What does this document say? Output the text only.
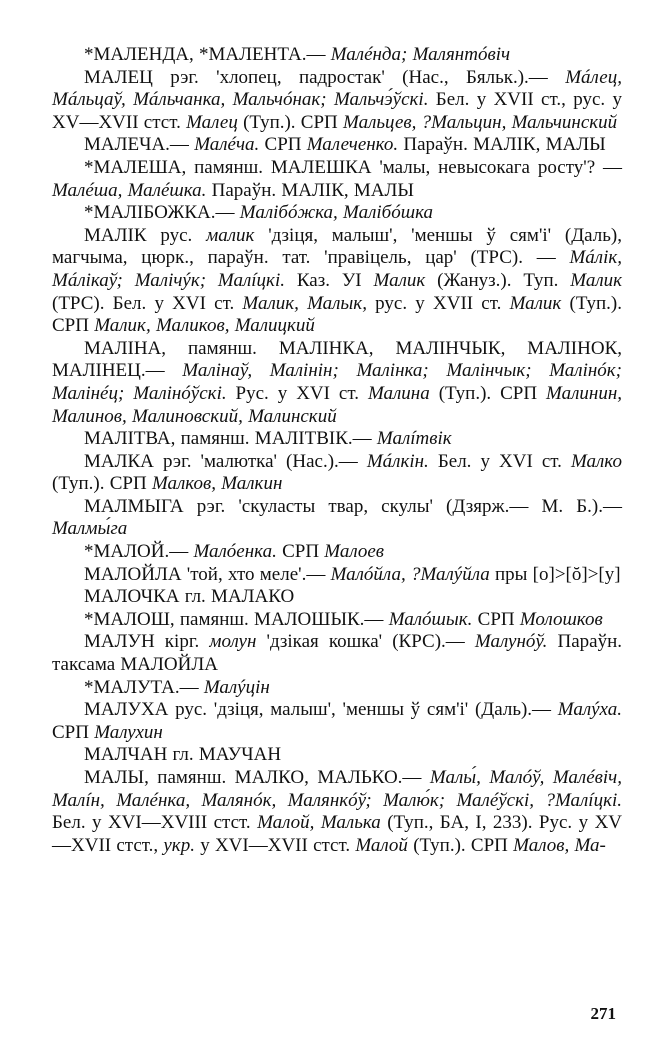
*МАЛЕНДА, *МАЛЕНТА.— Малéнда; Малянтóвіч

МАЛЕЦ рэг. 'хлопец, падростак' (Нас., Бяльк.).— Мáлец, Мáльцаў, Мáльчанка, Мальчóнак; Мальчэ́ўскі. Бел. у XVII ст., рус. у XV—XVII стст. Малец (Туп.). СРП Мальцев, ?Мальцин, Мальчинский

МАЛЕЧА.— Малéча. СРП Малеченко. Параўн. МАЛІК, МАЛЫ

*МАЛЕША, памянш. МАЛЕШКА 'малы, невысокага росту'? — Малéша, Малéшка. Параўн. МАЛІК, МАЛЫ

*МАЛІБОЖКА.— Малібóжка, Малібóшка

МАЛІК рус. малик 'дзіця, малыш', 'меншы ў сям'і' (Даль), магчыма, цюрк., параўн. тат. 'правіцель, цар' (ТРС). — Мáлік, Мáлікаў; Малічýк; Малíцкі. Каз. УІ Малик (Жануз.). Туп. Малик (ТРС). Бел. у XVI ст. Малик, Малык, рус. у XVII ст. Малик (Туп.). СРП Малик, Маликов, Малицкий

МАЛІНА, памянш. МАЛІНКА, МАЛІНЧЫК, МАЛІНОК, МАЛІНЕЦ.— Малінаў, Малінін; Малінка; Малінчык; Малінóк; Малінéц; Малінóўскі. Рус. у XVI ст. Малина (Туп.). СРП Малинин, Малинов, Малиновский, Малинский

МАЛІТВА, памянш. МАЛІТВІК.— Малíтвік

МАЛКА рэг. 'малютка' (Нас.).— Мáлкін. Бел. у XVI ст. Малко (Туп.). СРП Малков, Малкин

МАЛМЫГА рэг. 'скуласты твар, скулы' (Дзярж.— М. Б.).— Малмы́га

*МАЛОЙ.— Малóенка. СРП Малоев

МАЛОЙЛА 'той, хто меле'.— Малóйла, ?Малýйла пры [о]>[ŏ]>[у]

МАЛОЧКА гл. МАЛАКО

*МАЛОШ, памянш. МАЛОШЫК.— Малóшык. СРП Молошков

МАЛУН кірг. молун 'дзікая кошка' (КРС).— Малунóў. Параўн. таксама МАЛОЙЛА

*МАЛУТА.— Малýцін

МАЛУХА рус. 'дзіця, малыш', 'меншы ў сям'і' (Даль).— Малýха. СРП Малухин

МАЛЧАН гл. МАУЧАН

МАЛЫ, памянш. МАЛКО, МАЛЬКО.— Малы́, Малóў, Малéвіч, Малíн, Малéнка, Малянóк, Малянкóў; Малю́к; Малéўскі, ?Малíцкі. Бел. у XVI—XVIII стст. Малой, Малька (Туп., БА, І, 233). Рус. у XV—XVII стст., укр. у XVI—XVII стст. Малой (Туп.). СРП Малов, Ма-

271
